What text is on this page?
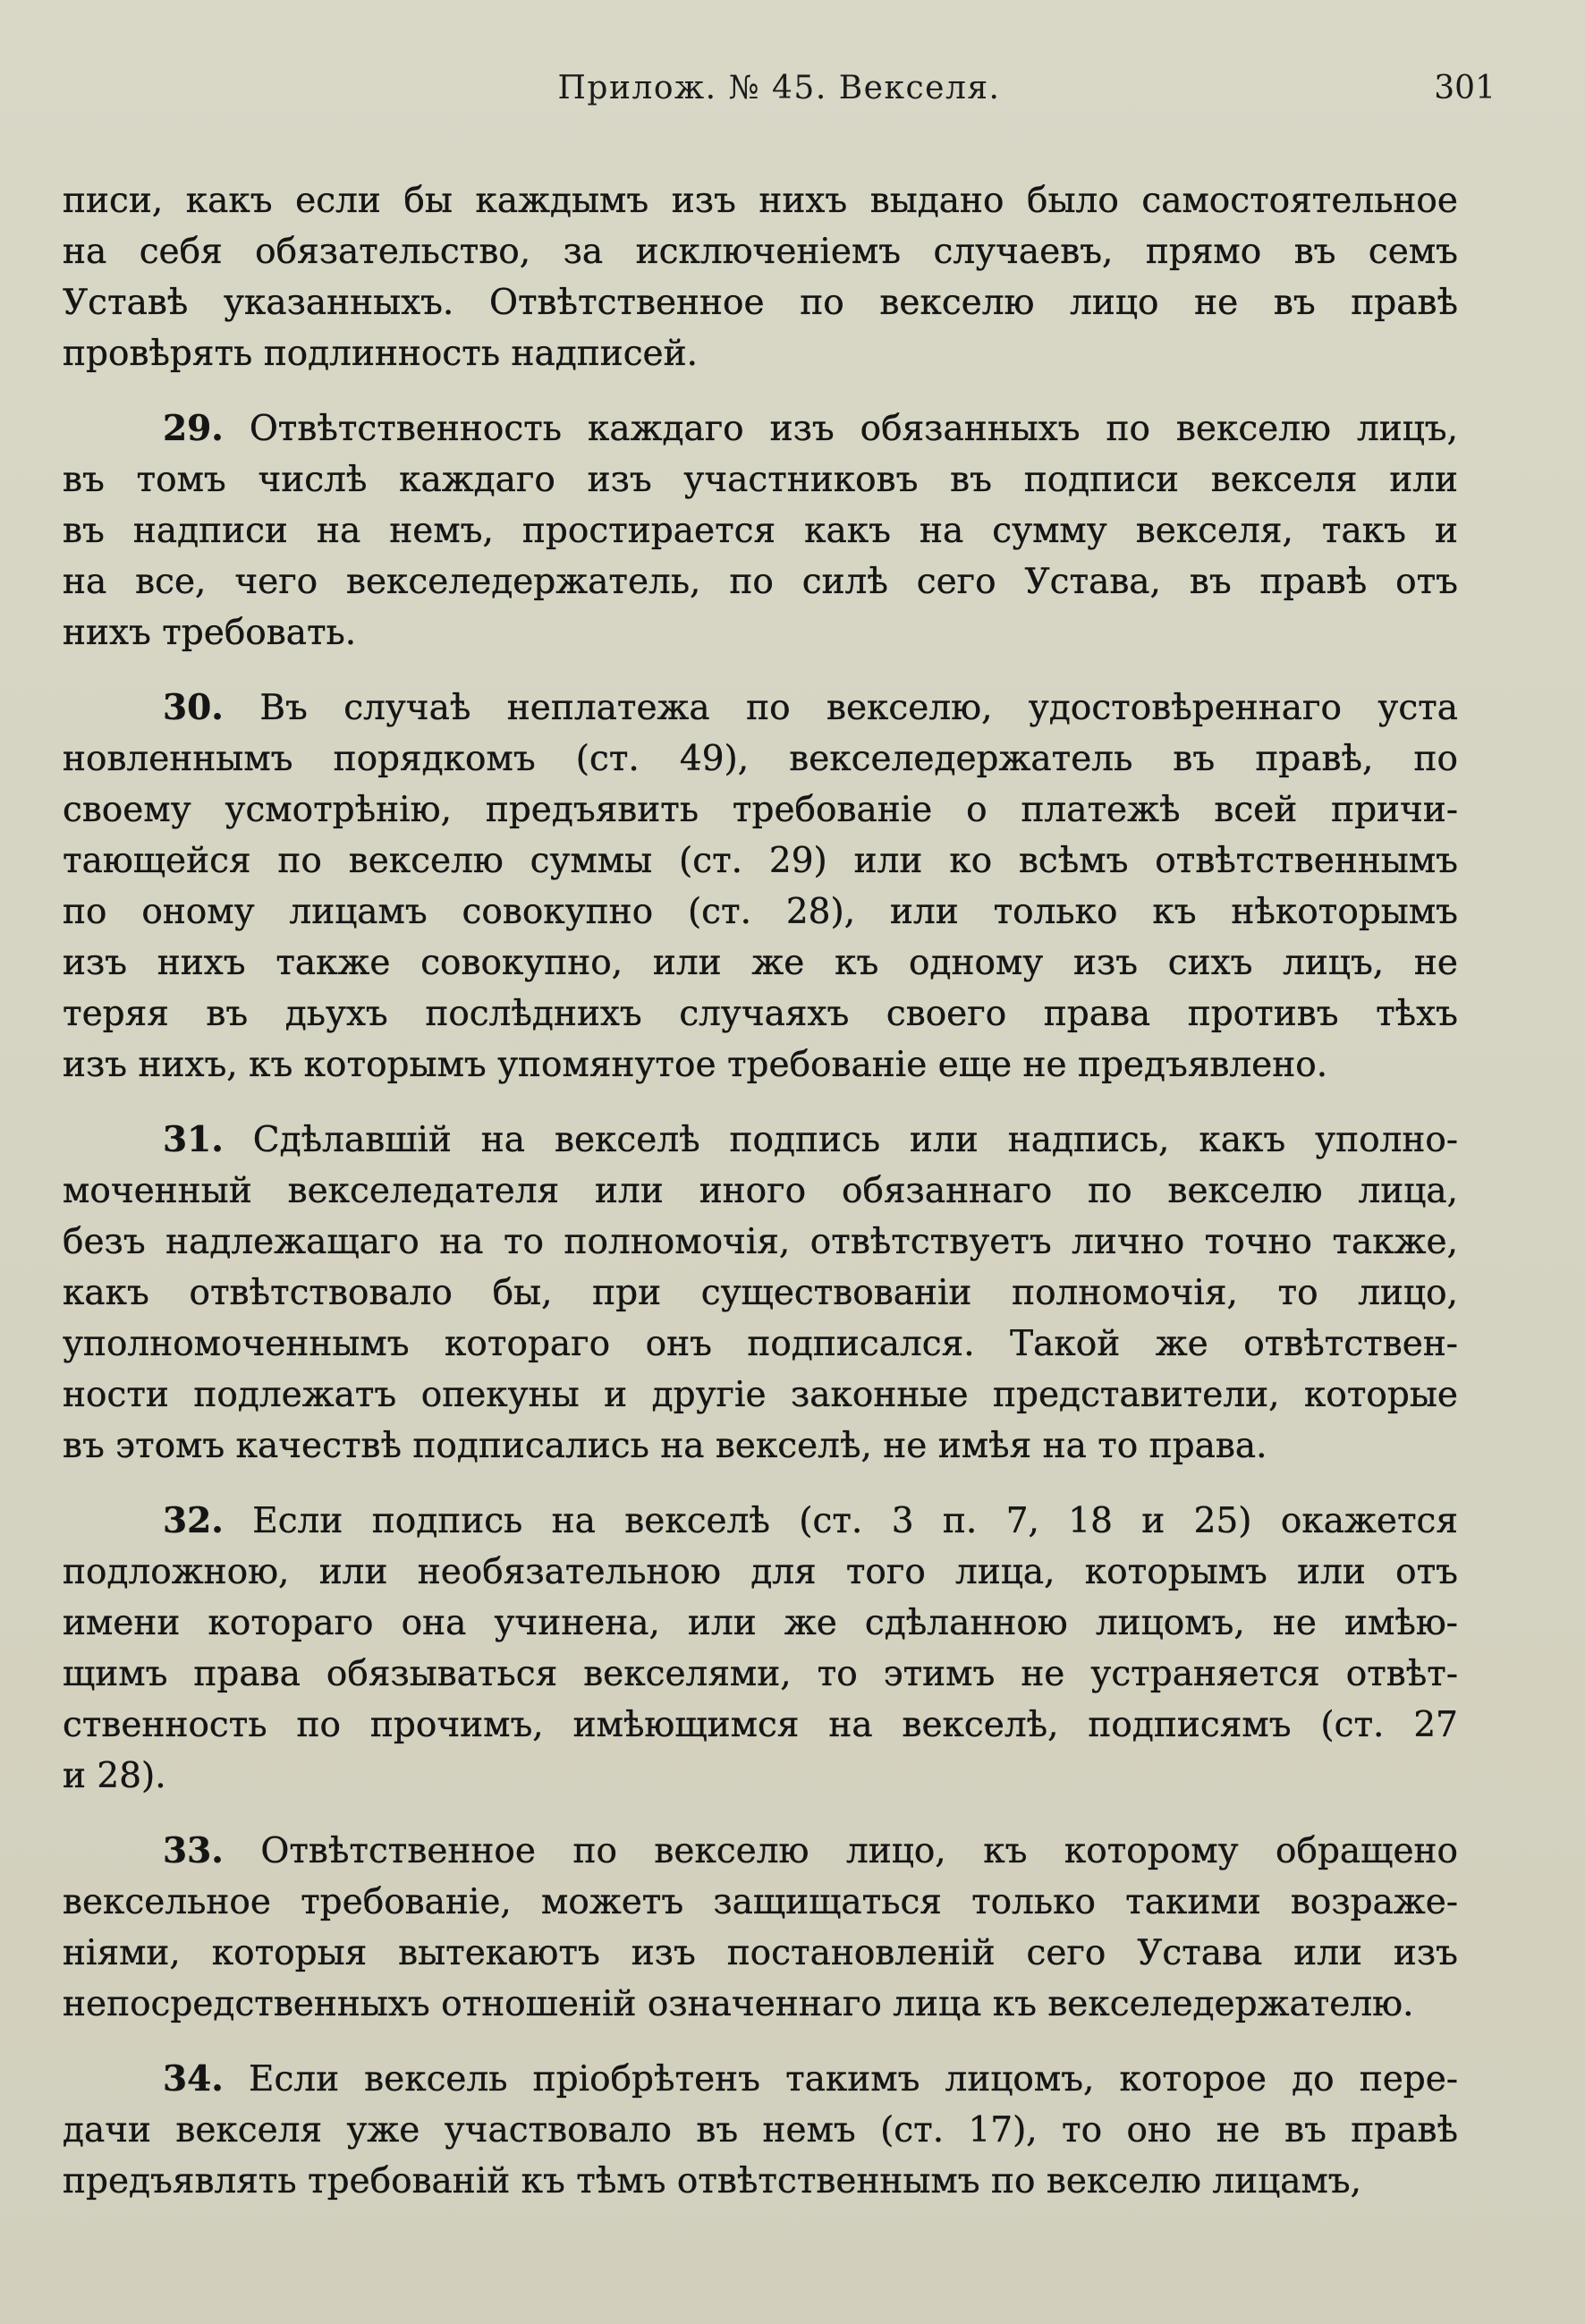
Прилож. № 45. Векселя.	301
писи, какъ если бы каждымъ изъ нихъ выдано было самостоятельное
на себя обязательство, за исключеніемъ случаевъ, прямо въ семъ
Уставѣ указанныхъ. Отвѣтственное по векселю лицо не въ правѣ
провѣрять подлинность надписей.
29. Отвѣтственность каждаго изъ обязанныхъ по векселю лицъ,
въ томъ числѣ каждаго изъ участниковъ въ подписи векселя или
въ надписи на немъ, простирается какъ на сумму векселя, такъ и
на все, чего векселедержатель, по силѣ сего Устава, въ правѣ отъ
нихъ требовать.
30. Въ случаѣ неплатежа по векселю, удостовѣреннаго уста
новленнымъ порядкомъ (ст. 49), векселедержатель въ правѣ, по
своему усмотрѣнію, предъявить требованіе о платежѣ всей причи-
тающейся по векселю суммы (ст. 29) или ко всѣмъ отвѣтственнымъ
по оному лицамъ совокупно (ст. 28), или только къ нѣкоторымъ
изъ нихъ также совокупно, или же къ одному изъ сихъ лицъ, не
теряя въ дьухъ послѣднихъ случаяхъ своего права противъ тѣхъ
изъ нихъ, къ которымъ упомянутое требованіе еще не предъявлено.
31. Сдѣлавшій на векселѣ подпись или надпись, какъ уполно-
моченный векселедателя или иного обязаннаго по векселю лица,
безъ надлежащаго на то полномочія, отвѣтствуетъ лично точно также,
какъ отвѣтствовало бы, при существованіи полномочія, то лицо,
уполномоченнымъ котораго онъ подписался. Такой же отвѣтствен-
ности подлежатъ опекуны и другіе законные представители, которые
въ этомъ качествѣ подписались на векселѣ, не имѣя на то права.
32. Если подпись на векселѣ (ст. 3 п. 7, 18 и 25) окажется
подложною, или необязательною для того лица, которымъ или отъ
имени котораго она учинена, или же сдѣланною лицомъ, не имѣю-
щимъ права обязываться векселями, то этимъ не устраняется отвѣт-
ственность по прочимъ, имѣющимся на векселѣ, подписямъ (ст. 27
и 28).
33. Отвѣтственное по векселю лицо, къ которому обращено
вексельное требованіе, можетъ защищаться только такими возраже-
ніями, которыя вытекаютъ изъ постановленій сего Устава или изъ
непосредственныхъ отношеній означеннаго лица къ векселедержателю.
34. Если вексель пріобрѣтенъ такимъ лицомъ, которое до пере-
дачи векселя уже участвовало въ немъ (ст. 17), то оно не въ правѣ
предъявлять требованій къ тѣмъ отвѣтственнымъ по векселю лицамъ,
